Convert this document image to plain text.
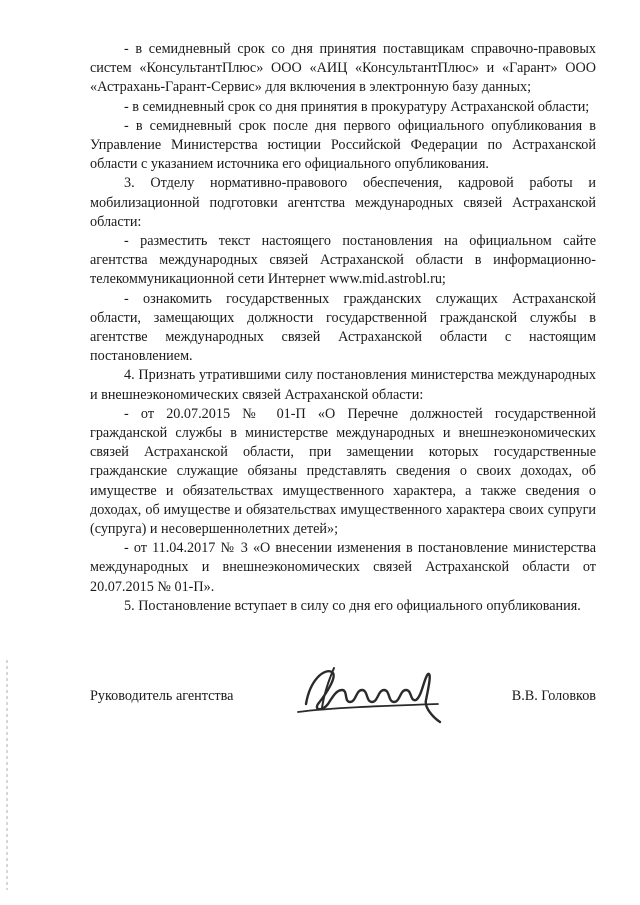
- в семидневный срок со дня принятия поставщикам справочно-правовых систем «КонсультантПлюс» ООО «АИЦ «КонсультантПлюс» и «Гарант» ООО «Астрахань-Гарант-Сервис» для включения в электронную базу данных;

- в семидневный срок со дня принятия в прокуратуру Астраханской области;

- в семидневный срок после дня первого официального опубликования в Управление Министерства юстиции Российской Федерации по Астраханской области с указанием источника его официального опубликования.

3. Отделу нормативно-правового обеспечения, кадровой работы и мобилизационной подготовки агентства международных связей Астраханской области:

- разместить текст настоящего постановления на официальном сайте агентства международных связей Астраханской области в информационно-телекоммуникационной сети Интернет www.mid.astrobl.ru;

- ознакомить государственных гражданских служащих Астраханской области, замещающих должности государственной гражданской службы в агентстве международных связей Астраханской области с настоящим постановлением.

4. Признать утратившими силу постановления министерства международных и внешнеэкономических связей Астраханской области:

- от 20.07.2015 № 01-П «О Перечне должностей государственной гражданской службы в министерстве международных и внешнеэкономических связей Астраханской области, при замещении которых государственные гражданские служащие обязаны представлять сведения о своих доходах, об имуществе и обязательствах имущественного характера, а также сведения о доходах, об имуществе и обязательствах имущественного характера своих супруги (супруга) и несовершеннолетних детей»;

- от 11.04.2017 № 3 «О внесении изменения в постановление министерства международных и внешнеэкономических связей Астраханской области от 20.07.2015 № 01-П».

5. Постановление вступает в силу со дня его официального опубликования.

Руководитель агентства	В.В. Головков
